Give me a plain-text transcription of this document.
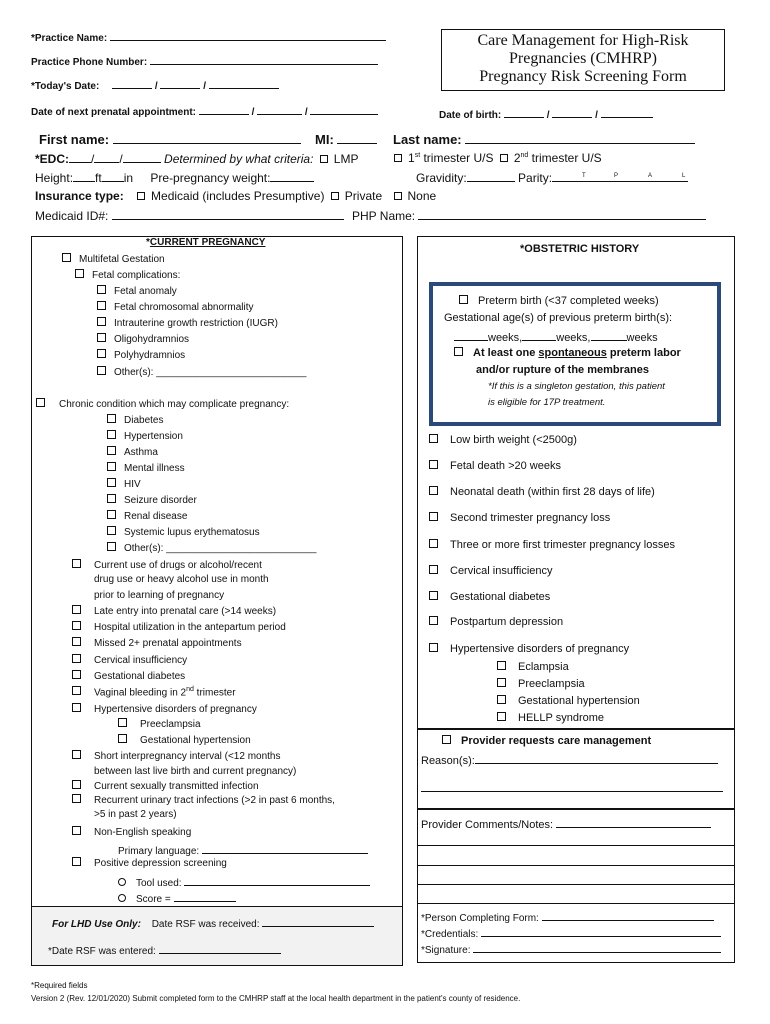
*Practice Name:
Practice Phone Number:
*Today's Date:	/	/
Date of next prenatal appointment:	/	/
Care Management for High-Risk
Pregnancies (CMHRP)
Pregnancy Risk Screening Form
Date of birth:	/	/
First name:	MI:	Last name:
*EDC: / /	Determined by what criteria: LMP	1st trimester U/S 2nd trimester U/S
Height: ft in Pre-pregnancy weight:	Gravidity:	Parity:	T	P	A	L
Insurance type: Medicaid (includes Presumptive) Private None
Medicaid ID#:	PHP Name:
*CURRENT PREGNANCY
Multifetal Gestation
Fetal complications:
Fetal anomaly
Fetal chromosomal abnormality
Intrauterine growth restriction (IUGR)
Oligohydramnios
Polyhydramnios
Other(s): ___________________________
Chronic condition which may complicate pregnancy:
Diabetes
Hypertension
Asthma
Mental illness
HIV
Seizure disorder
Renal disease
Systemic lupus erythematosus
Other(s): ___________________________
Current use of drugs or alcohol/recent
drug use or heavy alcohol use in month
prior to learning of pregnancy
Late entry into prenatal care (>14 weeks)
Hospital utilization in the antepartum period
Missed 2+ prenatal appointments
Cervical insufficiency
Gestational diabetes
Vaginal bleeding in 2nd trimester
Hypertensive disorders of pregnancy
Preeclampsia
Gestational hypertension
Short interpregnancy interval (<12 months
between last live birth and current pregnancy)
Current sexually transmitted infection
Recurrent urinary tract infections (>2 in past 6 months,
>5 in past 2 years)
Non-English speaking
Primary language:
Positive depression screening
Tool used:
Score =
For LHD Use Only: Date RSF was received:
*Date RSF was entered:
*OBSTETRIC HISTORY
Preterm birth (<37 completed weeks)
Gestational age(s) of previous preterm birth(s):
weeks,	weeks,	weeks
At least one spontaneous preterm labor
and/or rupture of the membranes
*If this is a singleton gestation, this patient
is eligible for 17P treatment.
Low birth weight (<2500g)
Fetal death >20 weeks
Neonatal death (within first 28 days of life)
Second trimester pregnancy loss
Three or more first trimester pregnancy losses
Cervical insufficiency
Gestational diabetes
Postpartum depression
Hypertensive disorders of pregnancy
Eclampsia
Preeclampsia
Gestational hypertension
HELLP syndrome
Provider requests care management
Reason(s):
Provider Comments/Notes:
*Person Completing Form:
*Credentials:
*Signature:
*Required fields
Version 2 (Rev. 12/01/2020) Submit completed form to the CMHRP staff at the local health department in the patient's county of residence.
